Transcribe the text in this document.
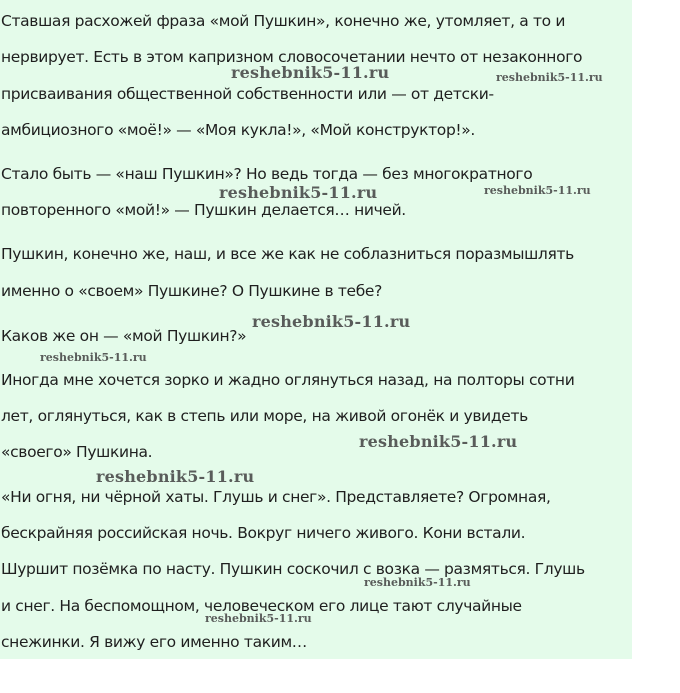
Ставшая расхожей фраза «мой Пушкин», конечно же, утомляет, а то и
нервирует. Есть в этом капризном словосочетании нечто от незаконного
присваивания общественной собственности или — от детски-
амбициозного «моё!» — «Моя кукла!», «Мой конструктор!».
Стало быть — «наш Пушкин»? Но ведь тогда — без многократного
повторенного «мой!» — Пушкин делается… ничей.
Пушкин, конечно же, наш, и все же как не соблазниться поразмышлять
именно о «своем» Пушкине? О Пушкине в тебе?
Каков же он — «мой Пушкин?»
Иногда мне хочется зорко и жадно оглянуться назад, на полторы сотни
лет, оглянуться, как в степь или море, на живой огонёк и увидеть
«своего» Пушкина.
«Ни огня, ни чёрной хаты. Глушь и снег». Представляете? Огромная,
бескрайняя российская ночь. Вокруг ничего живого. Кони встали.
Шуршит позёмка по насту. Пушкин соскочил с возка — размяться. Глушь
и снег. На беспомощном, человеческом его лице тают случайные
снежинки. Я вижу его именно таким…
reshebnik5-11.ru	reshebnik5-11.ru
reshebnik5-11.ru	reshebnik5-11.ru
reshebnik5-11.ru
reshebnik5-11.ru
reshebnik5-11.ru
reshebnik5-11.ru
reshebnik5-11.ru
reshebnik5-11.ru
